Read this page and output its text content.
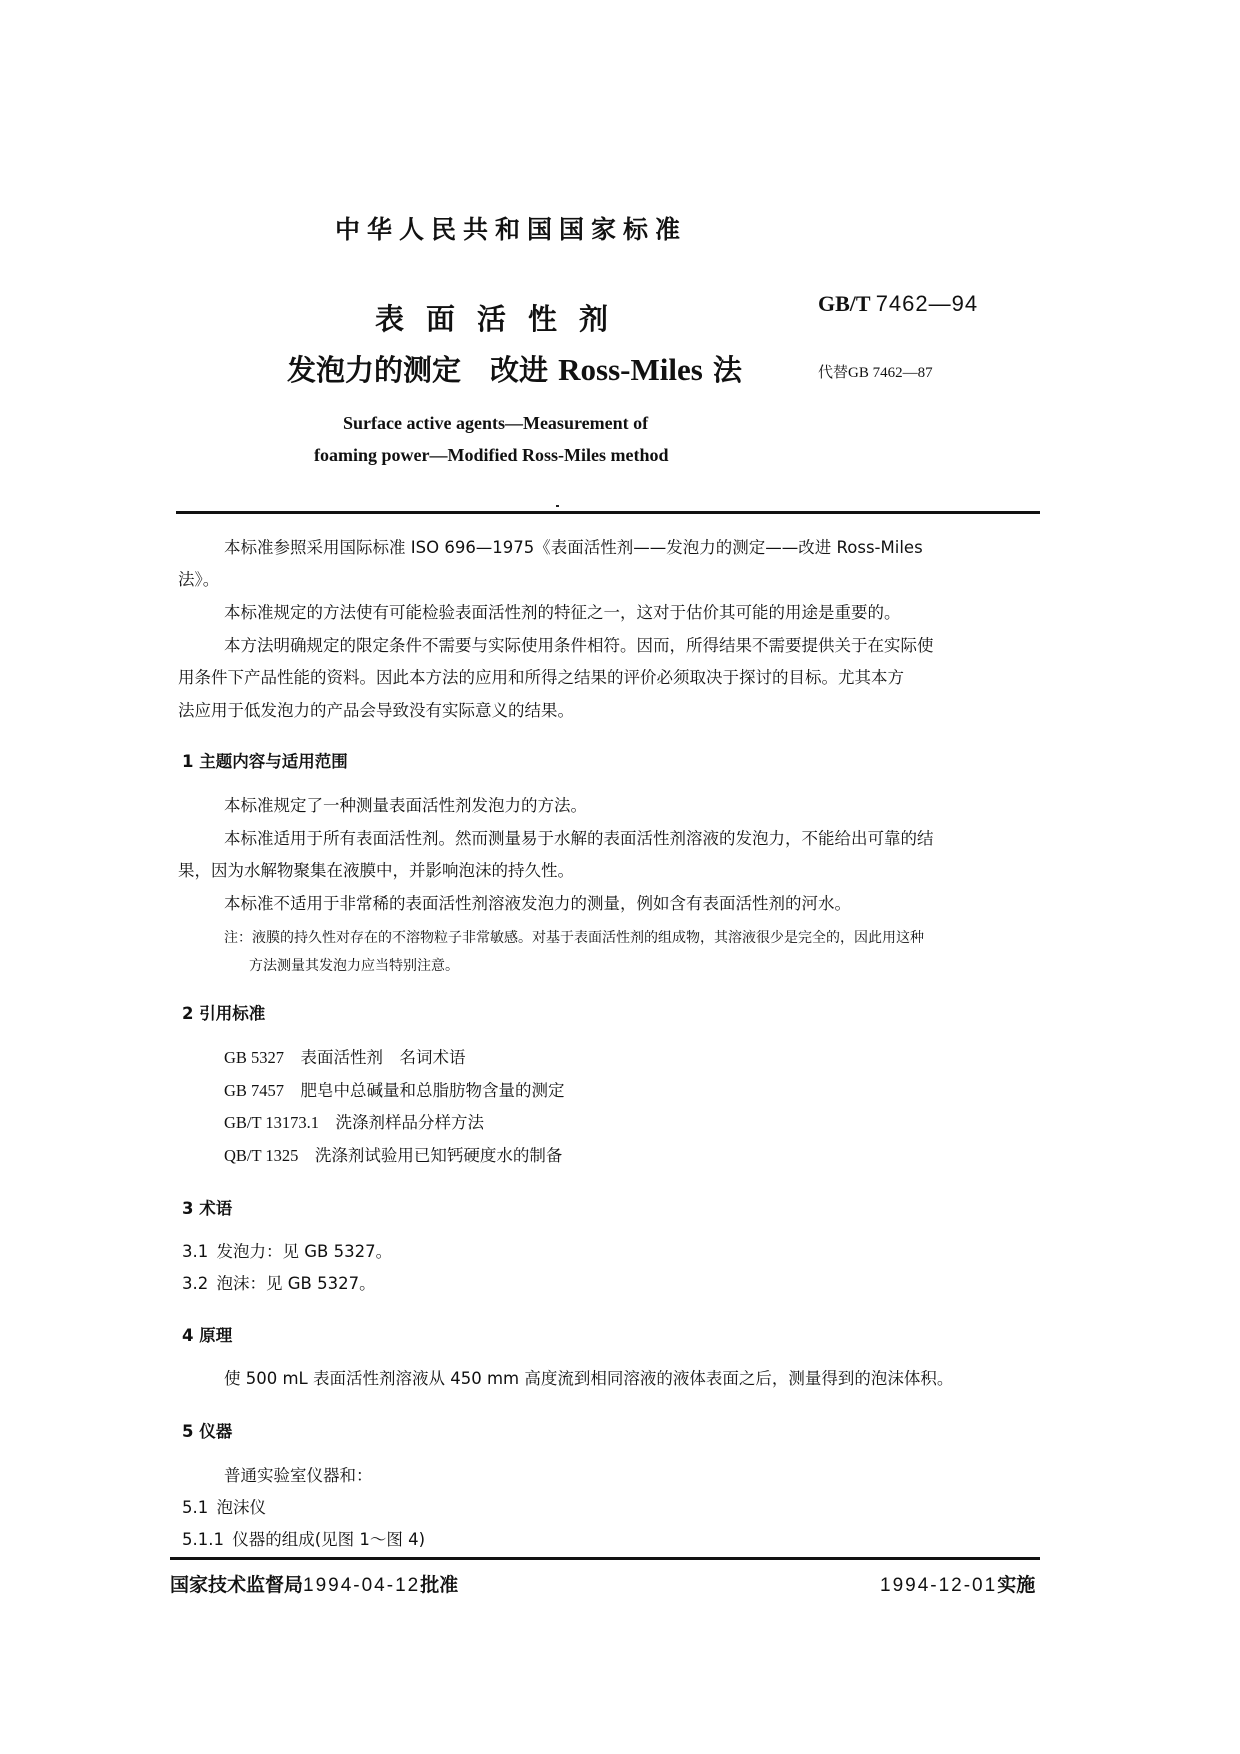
中华人民共和国国家标准
表面活性剂
发泡力的测定  改进 Ross-Miles 法
GB/T 7462—94
代替GB 7462—87
Surface active agents—Measurement of
foaming power—Modified Ross-Miles method
本标准参照采用国际标准 ISO 696—1975《表面活性剂——发泡力的测定——改进 Ross-Miles
法》。
本标准规定的方法使有可能检验表面活性剂的特征之一，这对于估价其可能的用途是重要的。
本方法明确规定的限定条件不需要与实际使用条件相符。因而，所得结果不需要提供关于在实际使
用条件下产品性能的资料。因此本方法的应用和所得之结果的评价必须取决于探讨的目标。尤其本方
法应用于低发泡力的产品会导致没有实际意义的结果。
1 主题内容与适用范围
本标准规定了一种测量表面活性剂发泡力的方法。
本标准适用于所有表面活性剂。然而测量易于水解的表面活性剂溶液的发泡力，不能给出可靠的结
果，因为水解物聚集在液膜中，并影响泡沫的持久性。
本标准不适用于非常稀的表面活性剂溶液发泡力的测量，例如含有表面活性剂的河水。
注：液膜的持久性对存在的不溶物粒子非常敏感。对基于表面活性剂的组成物，其溶液很少是完全的，因此用这种
方法测量其发泡力应当特别注意。
2 引用标准
GB 5327  表面活性剂　名词术语
GB 7457  肥皂中总碱量和总脂肪物含量的测定
GB/T 13173.1  洗涤剂样品分样方法
QB/T 1325  洗涤剂试验用已知钙硬度水的制备
3 术语
3.1  发泡力：见 GB 5327。
3.2  泡沫：见 GB 5327。
4 原理
使 500 mL 表面活性剂溶液从 450 mm 高度流到相同溶液的液体表面之后，测量得到的泡沫体积。
5 仪器
普通实验室仪器和：
5.1  泡沫仪
5.1.1  仪器的组成(见图 1～图 4)
国家技术监督局1994-04-12批准	1994-12-01实施
